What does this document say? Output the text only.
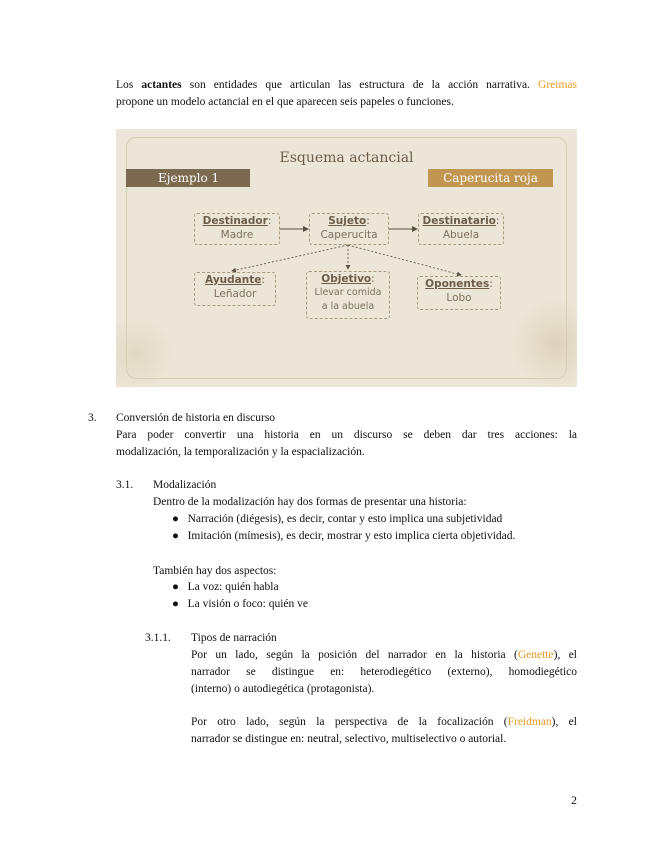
Los actantes son entidades que articulan las estructura de la acción narrativa. Greimas
propone un modelo actancial en el que aparecen seis papeles o funciones.
Esquema actancial
Ejemplo 1	Caperucita roja
Destinador:
Madre
Sujeto:
Caperucita
Destinatario:
Abuela
Ayudante:
Leñador
Objetivo:
Llevar comida
a la abuela
Oponentes:
Lobo
3. Conversión de historia en discurso
Para poder convertir una historia en un discurso se deben dar tres acciones: la
modalización, la temporalización y la espacialización.
3.1. Modalización
Dentro de la modalización hay dos formas de presentar una historia:
● Narración (diégesis), es decir, contar y esto implica una subjetividad
● Imitación (mímesis), es decir, mostrar y esto implica cierta objetividad.
También hay dos aspectos:
● La voz: quién habla
● La visión o foco: quién ve
3.1.1. Tipos de narración
Por un lado, según la posición del narrador en la historia (Genette), el
narrador se distingue en: heterodiegético (externo), homodiegético
(interno) o autodiegética (protagonista).
Por otro lado, según la perspectiva de la focalización (Freidman), el
narrador se distingue en: neutral, selectivo, multiselectivo o autorial.
2
